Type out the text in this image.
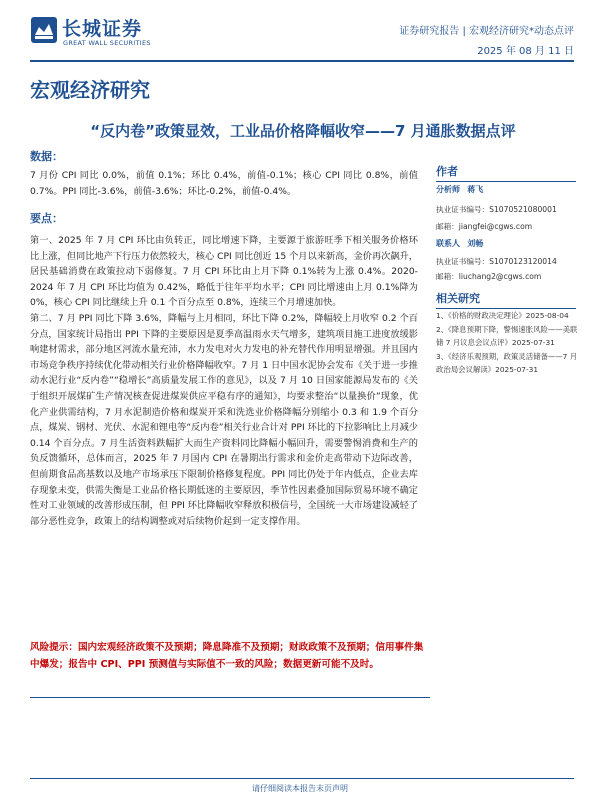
长城证券
GREAT WALL SECURITIES
证券研究报告 | 宏观经济研究*动态点评
2025 年 08 月 11 日
宏观经济研究
“反内卷”政策显效，工业品价格降幅收窄——7 月通胀数据点评
数据：
7 月份 CPI 同比 0.0%，前值 0.1%；环比 0.4%，前值-0.1%；核心 CPI 同比 0.8%，前值 0.7%。PPI 同比-3.6%，前值-3.6%；环比-0.2%，前值-0.4%。
要点：

第一、2025 年 7 月 CPI 环比由负转正，同比增速下降，主要源于旅游旺季下相关服务价格环比上涨，但同比地产下行压力依然较大，核心 CPI 同比创近 15 个月以来新高，金价再次飙升，居民基础消费在政策拉动下弱修复。7 月 CPI 环比由上月下降 0.1%转为上涨 0.4%。2020-2024 年 7 月 CPI 环比均值为 0.42%，略低于往年平均水平；CPI 同比增速由上月 0.1%降为 0%，核心 CPI 同比继续上升 0.1 个百分点至 0.8%，连续三个月增速加快。

第二、7 月 PPI 同比下降 3.6%，降幅与上月相同，环比下降 0.2%，降幅较上月收窄 0.2 个百分点，国家统计局指出 PPI 下降的主要原因是夏季高温雨水天气增多，建筑项目施工进度放缓影响建材需求，部分地区河流水量充沛，水力发电对火力发电的补充替代作用明显增强。并且国内市场竞争秩序持续优化带动相关行业价格降幅收窄。7 月 1 日中国水泥协会发布《关于进一步推动水泥行业“反内卷”“稳增长”高质量发展工作的意见》，以及 7 月 10 日国家能源局发布的《关于组织开展煤矿生产情况核查促进煤炭供应平稳有序的通知》，均要求整治“以量换价”现象，优化产业供需结构，7 月水泥制造价格和煤炭开采和洗选业价格降幅分别缩小 0.3 和 1.9 个百分点，煤炭、钢材、光伏、水泥和锂电等“反内卷”相关行业合计对 PPI 环比的下拉影响比上月减少 0.14 个百分点。7 月生活资料跌幅扩大而生产资料同比降幅小幅回升，需要警惕消费和生产的负反馈循环，总体而言，2025 年 7 月国内 CPI 在暑期出行需求和金价走高带动下边际改善，但前期食品高基数以及地产市场承压下限制价格修复程度。PPI 同比仍处于年内低点，企业去库存现象未变，供需失衡是工业品价格长期低迷的主要原因，季节性因素叠加国际贸易环境不确定性对工业领域的改善形成压制，但 PPI 环比降幅收窄释放积极信号，全国统一大市场建设减轻了部分恶性竞争，政策上的结构调整或对后续物价起到一定支撑作用。

风险提示：国内宏观经济政策不及预期；降息降准不及预期；财政政策不及预期；信用事件集中爆发；报告中 CPI、PPI 预测值与实际值不一致的风险；数据更新可能不及时。
作者
分析师 蒋飞
执业证书编号：S1070521080001
邮箱：jiangfei@cgws.com
联系人 刘畅
执业证书编号：S1070123120014
邮箱：liuchang2@cgws.com
相关研究
1、《价格的财政决定理论》2025-08-04
2、《降息预期下降，警惕速胀风险——美联储 7 月议息会议点评》2025-07-31
3、《经济乐观预期，政策灵活储备——7 月政治局会议解读》2025-07-31
请仔细阅读本报告末页声明
